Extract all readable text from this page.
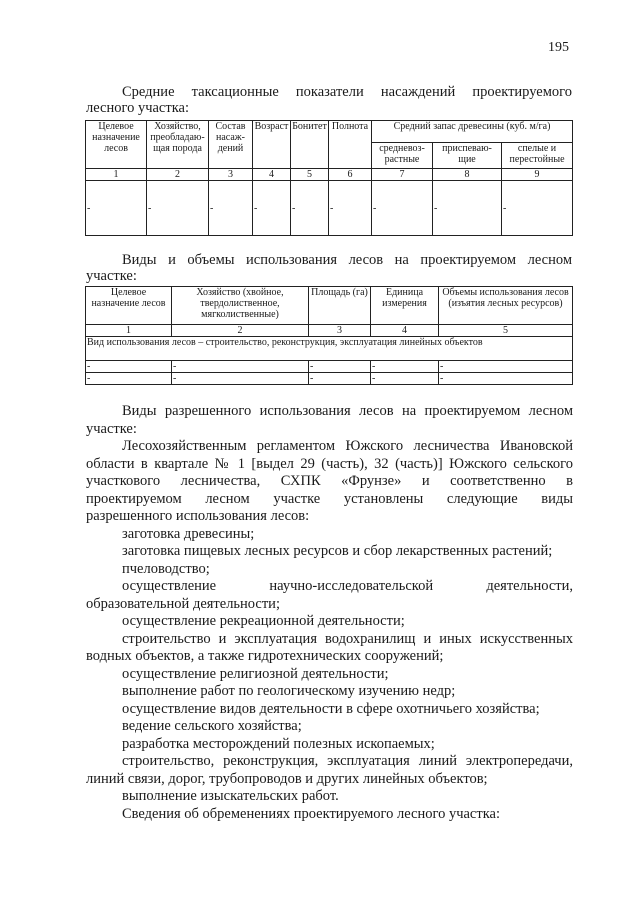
195
Средние таксационные показатели насаждений проектируемого
лесного участка:
Целевое назначение лесов	Хозяйство, преобладаю-щая порода	Состав насаж-дений	Возраст	Бонитет	Полнота	Средний запас древесины (куб. м/га)		
						средневоз-растные	приспеваю-щие	спелые и перестойные
1	2	3	4	5	6	7	8	9
-	-	-	-	-	-	-	-	-
Виды и объемы использования лесов на проектируемом лесном
участке:
Целевое назначение лесов	Хозяйство (хвойное, твердолиственное, мягколиственные)	Площадь (га)	Единица измерения	Объемы использования лесов (изъятия лесных ресурсов)
1	2	3	4	5
Вид использования лесов – строительство, реконструкция, эксплуатация линейных объектов				
-	-	-	-	-
-	-	-	-	-
Виды разрешенного использования лесов на проектируемом лесном
участке:
Лесохозяйственным регламентом Южского лесничества Ивановской
области в квартале № 1 [выдел 29 (часть), 32 (часть)] Южского сельского
участкового лесничества, СХПК «Фрунзе» и соответственно в
проектируемом лесном участке установлены следующие виды
разрешенного использования лесов:
заготовка древесины;
заготовка пищевых лесных ресурсов и сбор лекарственных растений;
пчеловодство;
осуществление научно-исследовательской деятельности,
образовательной деятельности;
осуществление рекреационной деятельности;
строительство и эксплуатация водохранилищ и иных искусственных
водных объектов, а также гидротехнических сооружений;
осуществление религиозной деятельности;
выполнение работ по геологическому изучению недр;
осуществление видов деятельности в сфере охотничьего хозяйства;
ведение сельского хозяйства;
разработка месторождений полезных ископаемых;
строительство, реконструкция, эксплуатация линий электропередачи,
линий связи, дорог, трубопроводов и других линейных объектов;
выполнение изыскательских работ.
Сведения об обременениях проектируемого лесного участка:
